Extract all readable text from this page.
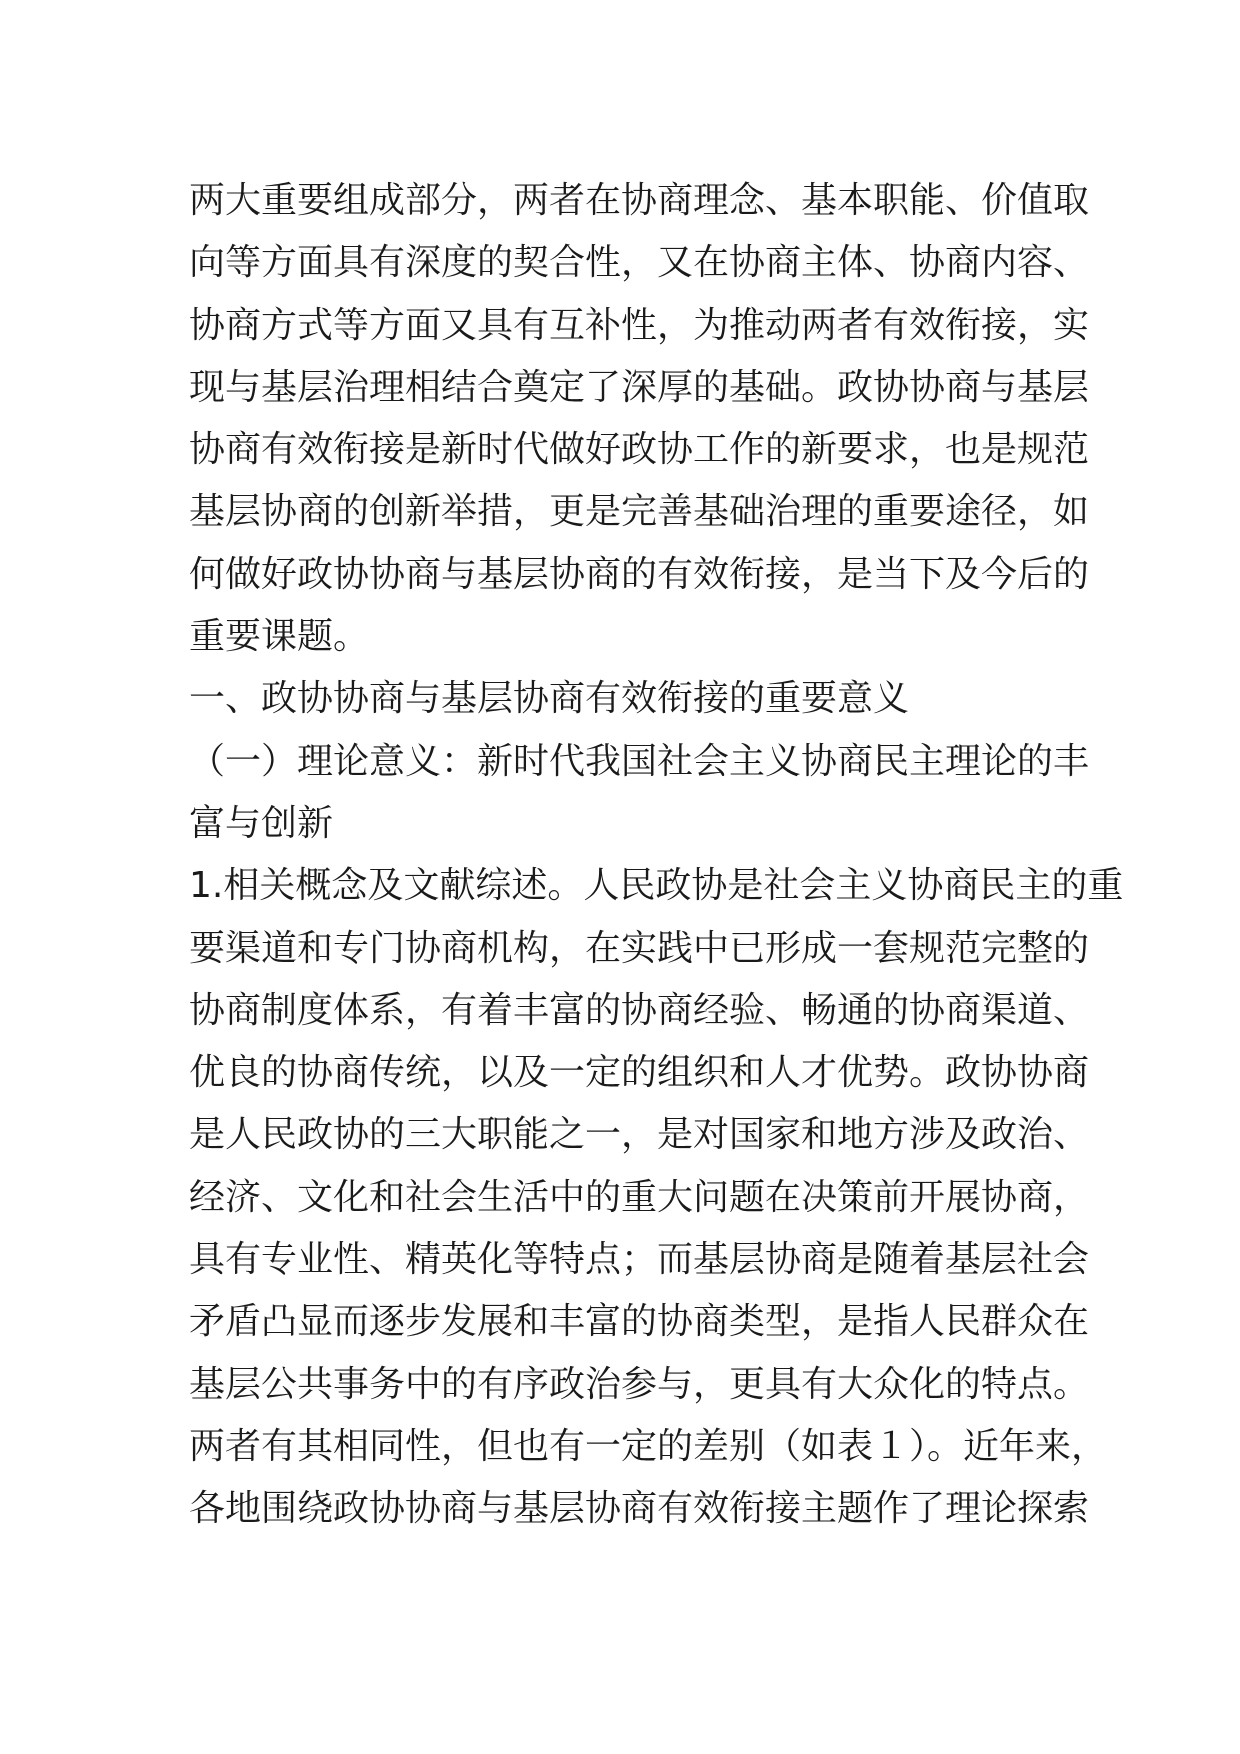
两大重要组成部分，两者在协商理念、基本职能、价值取
向等方面具有深度的契合性，又在协商主体、协商内容、
协商方式等方面又具有互补性，为推动两者有效衔接，实
现与基层治理相结合奠定了深厚的基础。政协协商与基层
协商有效衔接是新时代做好政协工作的新要求，也是规范
基层协商的创新举措，更是完善基础治理的重要途径，如
何做好政协协商与基层协商的有效衔接，是当下及今后的
重要课题。
一、政协协商与基层协商有效衔接的重要意义
（一）理论意义：新时代我国社会主义协商民主理论的丰
富与创新
1.相关概念及文献综述。人民政协是社会主义协商民主的重
要渠道和专门协商机构，在实践中已形成一套规范完整的
协商制度体系，有着丰富的协商经验、畅通的协商渠道、
优良的协商传统，以及一定的组织和人才优势。政协协商
是人民政协的三大职能之一，是对国家和地方涉及政治、
经济、文化和社会生活中的重大问题在决策前开展协商，
具有专业性、精英化等特点；而基层协商是随着基层社会
矛盾凸显而逐步发展和丰富的协商类型，是指人民群众在
基层公共事务中的有序政治参与，更具有大众化的特点。
两者有其相同性，但也有一定的差别（如表１）。近年来，
各地围绕政协协商与基层协商有效衔接主题作了理论探索
